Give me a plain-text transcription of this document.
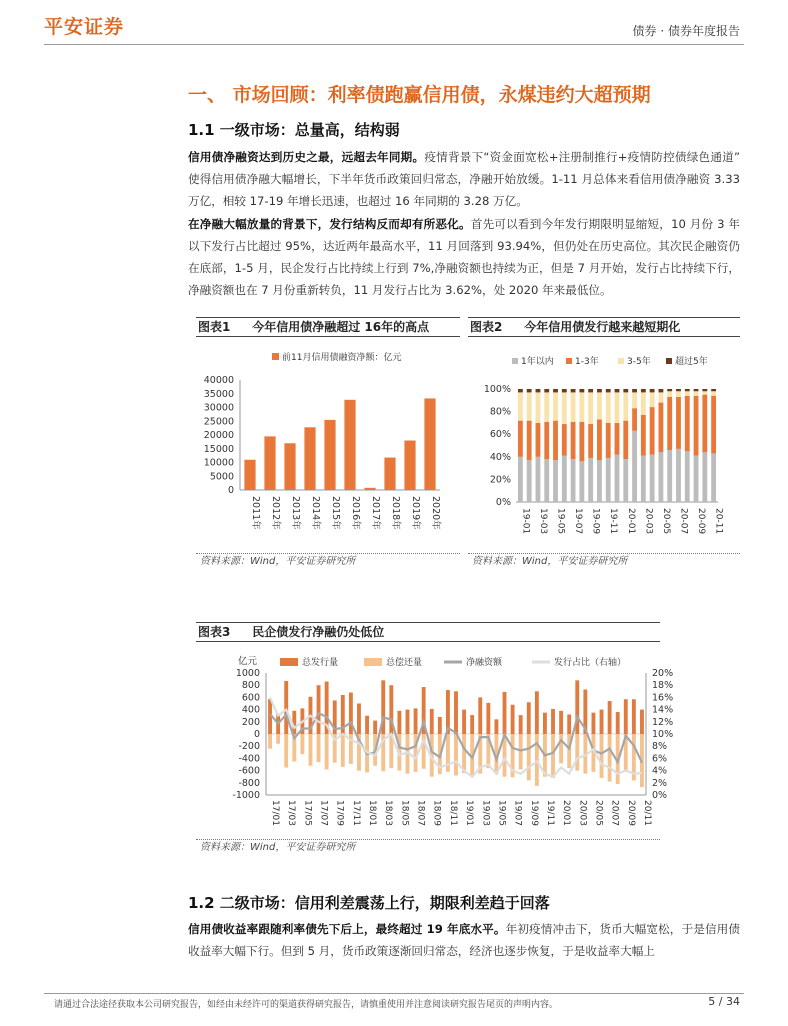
平安证券	债券 · 债券年度报告
一、 市场回顾：利率债跑赢信用债，永煤违约大超预期
1.1 一级市场：总量高，结构弱
信用债净融资达到历史之最，远超去年同期。疫情背景下“资金面宽松+注册制推行+疫情防控债绿色通道” 使得信用债净融大幅增长，下半年货币政策回归常态，净融开始放缓。1-11 月总体来看信用债净融资 3.33 万亿，相较 17-19 年增长迅速，也超过 16 年同期的 3.28 万亿。
在净融大幅放量的背景下，发行结构反而却有所恶化。首先可以看到今年发行期限明显缩短，10 月份 3 年以下发行占比超过 95%，达近两年最高水平，11 月回落到 93.94%，但仍处在历史高位。其次民企融资仍在底部，1-5 月，民企发行占比持续上行到 7%,净融资额也持续为正，但是 7 月开始，发行占比持续下行，净融资额也在 7 月份重新转负，11 月发行占比为 3.62%，处 2020 年来最低位。
图表1 今年信用债净融超过 16年的高点
前11月信用债融资净额：亿元
0
5000
10000
15000
20000
25000
30000
35000
40000
2011年 2012年 2013年 2014年 2015年 2016年 2017年 2018年 2019年 2020年
资料来源：Wind，平安证券研究所
图表2 今年信用债发行越来越短期化
1年以内 1-3年	3-5年	超过5年
0%
20%
40%
60%
80%
100%
19-01 19-03 19-05 19-07 19-09 19-11 20-01 20-03 20-05 20-07 20-09 20-11
资料来源：Wind，平安证券研究所
图表3 民企债发行净融仍处低位
亿元	总发行量	总偿还量	净融资额	发行占比（右轴）
-1000
-800
-600
-400
-200
0
200
400
600
800
1000
0%
2%
4%
6%
8%
10%
12%
14%
16%
18%
20%
17/01 17/03 17/05 17/07 17/09 17/11 18/01 18/03 18/05 18/07 18/09 18/11 19/01 19/03 19/05 19/07 19/09 19/11 20/01 20/03 20/05 20/07 20/09 20/11
资料来源：Wind，平安证券研究所
1.2 二级市场：信用利差震荡上行，期限利差趋于回落
信用债收益率跟随利率债先下后上，最终超过 19 年底水平。年初疫情冲击下，货币大幅宽松，于是信用债收益率大幅下行。但到 5 月，货币政策逐渐回归常态，经济也逐步恢复，于是收益率大幅上
请通过合法途径获取本公司研究报告，如经由未经许可的渠道获得研究报告，请慎重使用并注意阅读研究报告尾页的声明内容。	5 / 34
